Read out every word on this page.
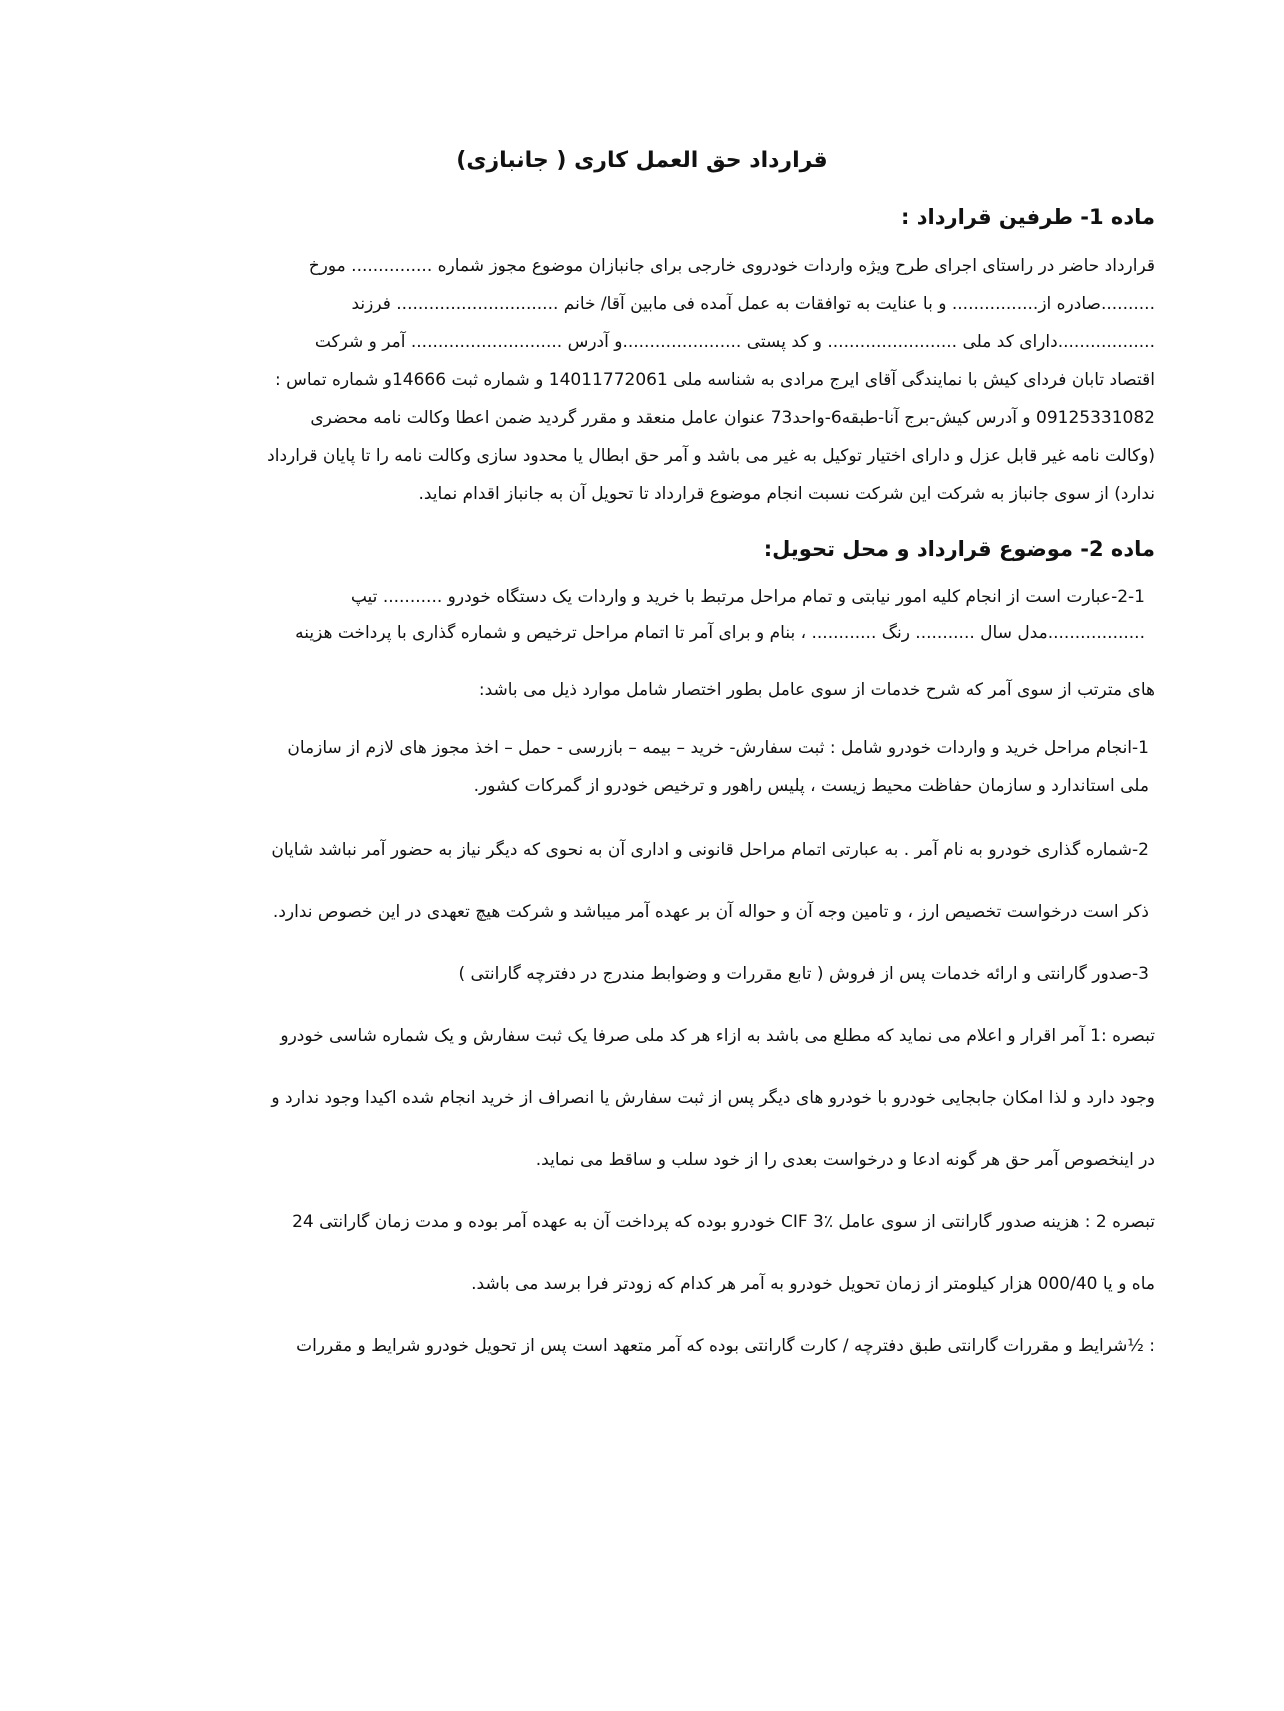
قرارداد حق العمل کاری ( جانبازی)
ماده 1- طرفین قرارداد :
قرارداد حاضر در راستای اجرای طرح ویژه واردات خودروی خارجی برای جانبازان موضوع مجوز شماره ............... مورخ
..........صادره از................ و با عنایت به توافقات به عمل آمده فی مابین آقا/ خانم .............................. فرزند
..................دارای کد ملی ........................ و کد پستی ......................و آدرس ............................ آمر و شرکت
اقتصاد تابان فردای کیش با نمایندگی آقای ایرج مرادی به شناسه ملی 14011772061 و شماره ثبت 14666و شماره تماس :
09125331082 و آدرس کیش-برج آنا-طبقه6-واحد73 عنوان عامل منعقد و مقرر گردید ضمن اعطا وکالت نامه محضری
(وکالت نامه غیر قابل عزل و دارای اختیار توکیل به غیر می باشد و آمر حق ابطال یا محدود سازی وکالت نامه را تا پایان قرارداد
ندارد) از سوی جانباز به شرکت این شرکت نسبت انجام موضوع قرارداد تا تحویل آن به جانباز اقدام نماید.
ماده 2- موضوع قرارداد و محل تحویل:
2-1-عبارت است از انجام کلیه امور نیابتی و تمام مراحل مرتبط با خرید و واردات یک دستگاه خودرو ........... تیپ
..................مدل سال ........... رنگ ............ ، بنام و برای آمر تا اتمام مراحل ترخیص و شماره گذاری با پرداخت هزینه
های مترتب از سوی آمر که شرح خدمات از سوی عامل بطور اختصار شامل موارد ذیل می باشد:
1-انجام مراحل خرید و واردات خودرو شامل : ثبت سفارش- خرید – بیمه – بازرسی - حمل – اخذ مجوز های لازم از سازمان
ملی استاندارد و سازمان حفاظت محیط زیست ، پلیس راهور و ترخیص خودرو از گمرکات کشور.
2-شماره گذاری خودرو به نام آمر . به عبارتی اتمام مراحل قانونی و اداری آن به نحوی که دیگر نیاز به حضور آمر نباشد شایان
ذکر است درخواست تخصیص ارز ، و تامین وجه آن و حواله آن بر عهده آمر میباشد و شرکت هیچ تعهدی در این خصوص ندارد.
3-صدور گارانتی و ارائه خدمات پس از فروش ( تابع مقررات و وضوابط مندرج در دفترچه گارانتی )
تبصره :1 آمر اقرار و اعلام می نماید که مطلع می باشد به ازاء هر کد ملی صرفا یک ثبت سفارش و یک شماره شاسی خودرو
وجود دارد و لذا امکان جابجایی خودرو با خودرو های دیگر پس از ثبت سفارش یا انصراف از خرید انجام شده اکیدا وجود ندارد و
در اینخصوص آمر حق هر گونه ادعا و درخواست بعدی را از خود سلب و ساقط می نماید.
تبصره 2 : هزینه صدور گارانتی از سوی عامل ٪3 CIF خودرو بوده که پرداخت آن به عهده آمر بوده و مدت زمان گارانتی 24
ماه و یا 000/40 هزار کیلومتر از زمان تحویل خودرو به آمر هر کدام که زودتر فرا برسد می باشد.
: ½شرایط و مقررات گارانتی طبق دفترچه / کارت گارانتی بوده که آمر متعهد است پس از تحویل خودرو شرایط و مقررات
